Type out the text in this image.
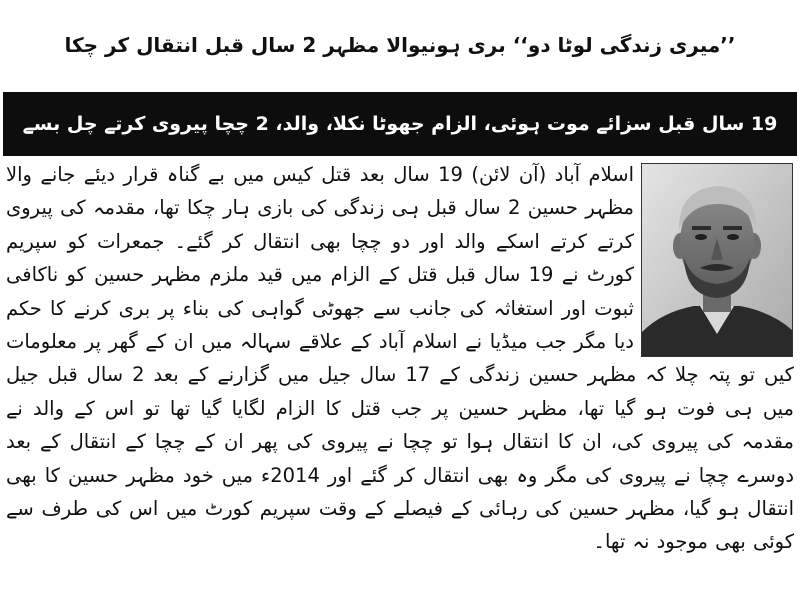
’’میری زندگی لوٹا دو‘‘ بری ہونیوالا مظہر 2 سال قبل انتقال کر چکا
19 سال قبل سزائے موت ہوئی، الزام جھوٹا نکلا، والد، 2 چچا پیروی کرتے چل بسے

اسلام آباد (آن لائن) 19 سال بعد قتل کیس میں بے گناہ قرار دیئے جانے والا مظہر حسین 2 سال قبل ہی زندگی کی بازی ہار چکا تھا، مقدمہ کی پیروی کرتے کرتے اسکے والد اور دو چچا بھی انتقال کر گئے۔ جمعرات کو سپریم کورٹ نے 19 سال قبل قتل کے الزام میں قید ملزم مظہر حسین کو ناکافی ثبوت اور استغاثہ کی جانب سے جھوٹی گواہی کی بناء پر بری کرنے کا حکم دیا مگر جب میڈیا نے اسلام آباد کے علاقے سہالہ میں ان کے گھر پر معلومات کیں تو پتہ چلا کہ مظہر حسین زندگی کے 17 سال جیل میں گزارنے کے بعد 2 سال قبل جیل میں ہی فوت ہو گیا تھا، مظہر حسین پر جب قتل کا الزام لگایا گیا تھا تو اس کے والد نے مقدمہ کی پیروی کی، ان کا انتقال ہوا تو چچا نے پیروی کی پھر ان کے چچا کے انتقال کے بعد دوسرے چچا نے پیروی کی مگر وہ بھی انتقال کر گئے اور 2014ء میں خود مظہر حسین کا بھی انتقال ہو گیا، مظہر حسین کی رہائی کے فیصلے کے وقت سپریم کورٹ میں اس کی طرف سے کوئی بھی موجود نہ تھا۔
